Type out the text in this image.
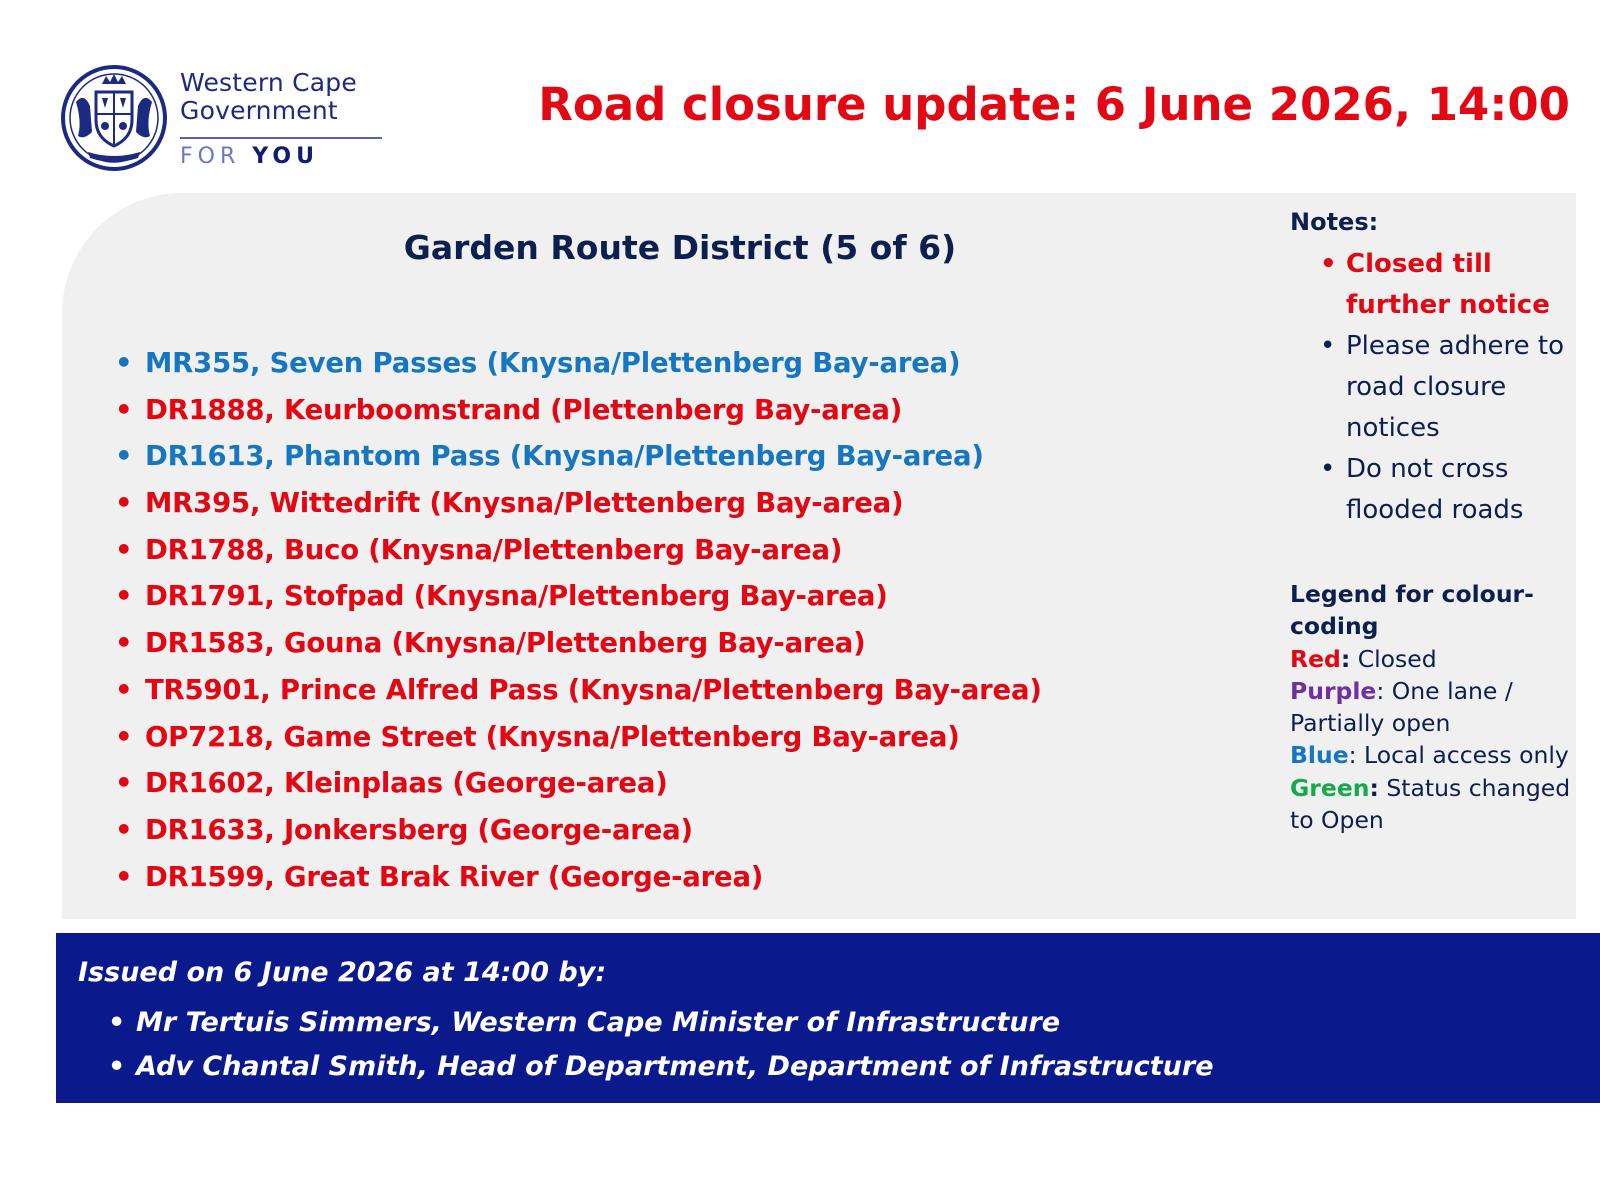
Western Cape
Government
FOR YOU
Road closure update: 6 June 2026, 14:00
Garden Route District (5 of 6)
• MR355, Seven Passes (Knysna/Plettenberg Bay-area)
• DR1888, Keurboomstrand (Plettenberg Bay-area)
• DR1613, Phantom Pass (Knysna/Plettenberg Bay-area)
• MR395, Wittedrift (Knysna/Plettenberg Bay-area)
• DR1788, Buco (Knysna/Plettenberg Bay-area)
• DR1791, Stofpad (Knysna/Plettenberg Bay-area)
• DR1583, Gouna (Knysna/Plettenberg Bay-area)
• TR5901, Prince Alfred Pass (Knysna/Plettenberg Bay-area)
• OP7218, Game Street (Knysna/Plettenberg Bay-area)
• DR1602, Kleinplaas (George-area)
• DR1633, Jonkersberg (George-area)
• DR1599, Great Brak River (George-area)
Notes:
• Closed till further notice
• Please adhere to road closure notices
• Do not cross flooded roads
Legend for colour-coding
Red: Closed
Purple: One lane / Partially open
Blue: Local access only
Green: Status changed to Open
Issued on 6 June 2026 at 14:00 by:
• Mr Tertuis Simmers, Western Cape Minister of Infrastructure
• Adv Chantal Smith, Head of Department, Department of Infrastructure
